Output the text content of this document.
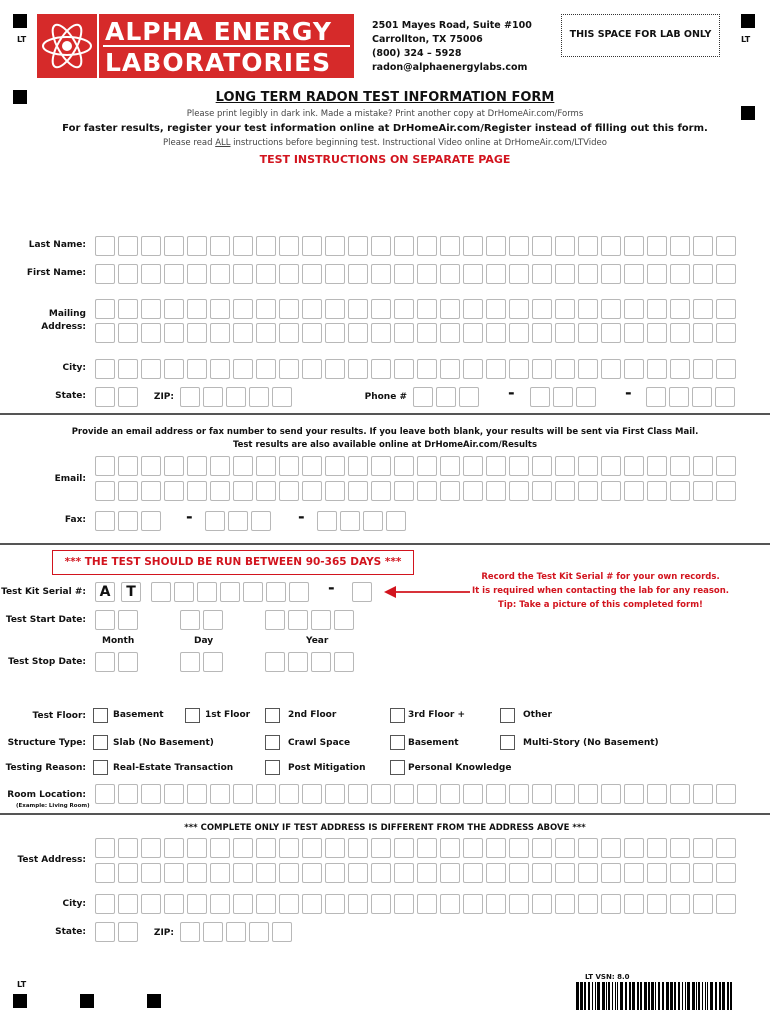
LT	LT
LT
ALPHA ENERGY
LABORATORIES
2501 Mayes Road, Suite #100
Carrollton, TX 75006
(800) 324 – 5928
radon@alphaenergylabs.com
THIS SPACE FOR LAB ONLY
LONG TERM RADON TEST INFORMATION FORM
Please print legibly in dark ink. Made a mistake? Print another copy at DrHomeAir.com/Forms
For faster results, register your test information online at DrHomeAir.com/Register instead of filling out this form.
Please read ALL instructions before beginning test. Instructional Video online at DrHomeAir.com/LTVideo
TEST INSTRUCTIONS ON SEPARATE PAGE
Last Name:
First Name:
Mailing
Address:
City:
State:	ZIP:	Phone #	-	-
Provide an email address or fax number to send your results. If you leave both blank, your results will be sent via First Class Mail.
Test results are also available online at DrHomeAir.com/Results
Email:
Fax:	-	-
*** THE TEST SHOULD BE RUN BETWEEN 90-365 DAYS ***
Test Kit Serial #: A	T	-
Record the Test Kit Serial # for your own records.
It is required when contacting the lab for any reason.
Tip: Take a picture of this completed form!
Test Start Date:
Month	Day	Year
Test Stop Date:
Test Floor:	Basement	1st Floor	2nd Floor	3rd Floor +	Other
Structure Type:	Slab (No Basement)	Crawl Space	Basement	Multi-Story (No Basement)
Testing Reason:	Real-Estate Transaction	Post Mitigation	Personal Knowledge
Room Location:
(Example: Living Room)
*** COMPLETE ONLY IF TEST ADDRESS IS DIFFERENT FROM THE ADDRESS ABOVE ***
Test Address:
City:
State:	ZIP:
LT VSN: 8.0
